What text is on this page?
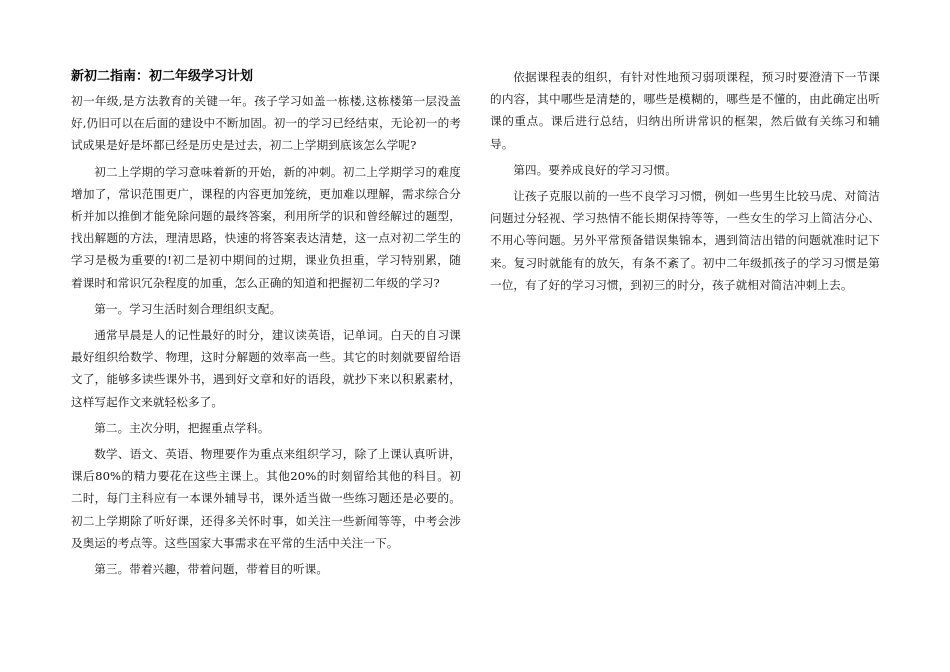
新初二指南：初二年级学习计划

初一年级,是方法教育的关键一年。孩子学习如盖一栋楼,这栋楼第一层没盖好,仍旧可以在后面的建设中不断加固。初一的学习已经结束，无论初一的考试成果是好是坏都已经是历史是过去，初二上学期到底该怎么学呢?

初二上学期的学习意味着新的开始，新的冲刺。初二上学期学习的难度增加了，常识范围更广，课程的内容更加笼统，更加难以理解，需求综合分析并加以推倒才能免除问题的最终答案，利用所学的识和曾经解过的题型，找出解题的方法，理清思路，快速的将答案表达清楚，这一点对初二学生的学习是极为重要的!初二是初中期间的过期，课业负担重，学习特别累，随着课时和常识冗杂程度的加重，怎么正确的知道和把握初二年级的学习?

第一。学习生活时刻合理组织支配。

通常早晨是人的记性最好的时分，建议读英语，记单词。白天的自习课最好组织给数学、物理，这时分解题的效率高一些。其它的时刻就要留给语文了，能够多读些课外书，遇到好文章和好的语段，就抄下来以积累素材，这样写起作文来就轻松多了。

第二。主次分明，把握重点学科。

数学、语文、英语、物理要作为重点来组织学习，除了上课认真听讲，课后80%的精力要花在这些主课上。其他20%的时刻留给其他的科目。初二时，每门主科应有一本课外辅导书，课外适当做一些练习题还是必要的。初二上学期除了听好课，还得多关怀时事，如关注一些新闻等等，中考会涉及奥运的考点等。这些国家大事需求在平常的生活中关注一下。

第三。带着兴趣，带着问题，带着目的听课。

依据课程表的组织，有针对性地预习弱项课程，预习时要澄清下一节课的内容，其中哪些是清楚的，哪些是模糊的，哪些是不懂的，由此确定出听课的重点。课后进行总结，归纳出所讲常识的框架，然后做有关练习和辅导。

第四。要养成良好的学习习惯。

让孩子克服以前的一些不良学习习惯，例如一些男生比较马虎、对简洁问题过分轻视、学习热情不能长期保持等等，一些女生的学习上简洁分心、不用心等问题。另外平常预备错误集锦本，遇到简洁出错的问题就准时记下来。复习时就能有的放矢，有条不紊了。初中二年级抓孩子的学习习惯是第一位，有了好的学习习惯，到初三的时分，孩子就相对简洁冲刺上去。
